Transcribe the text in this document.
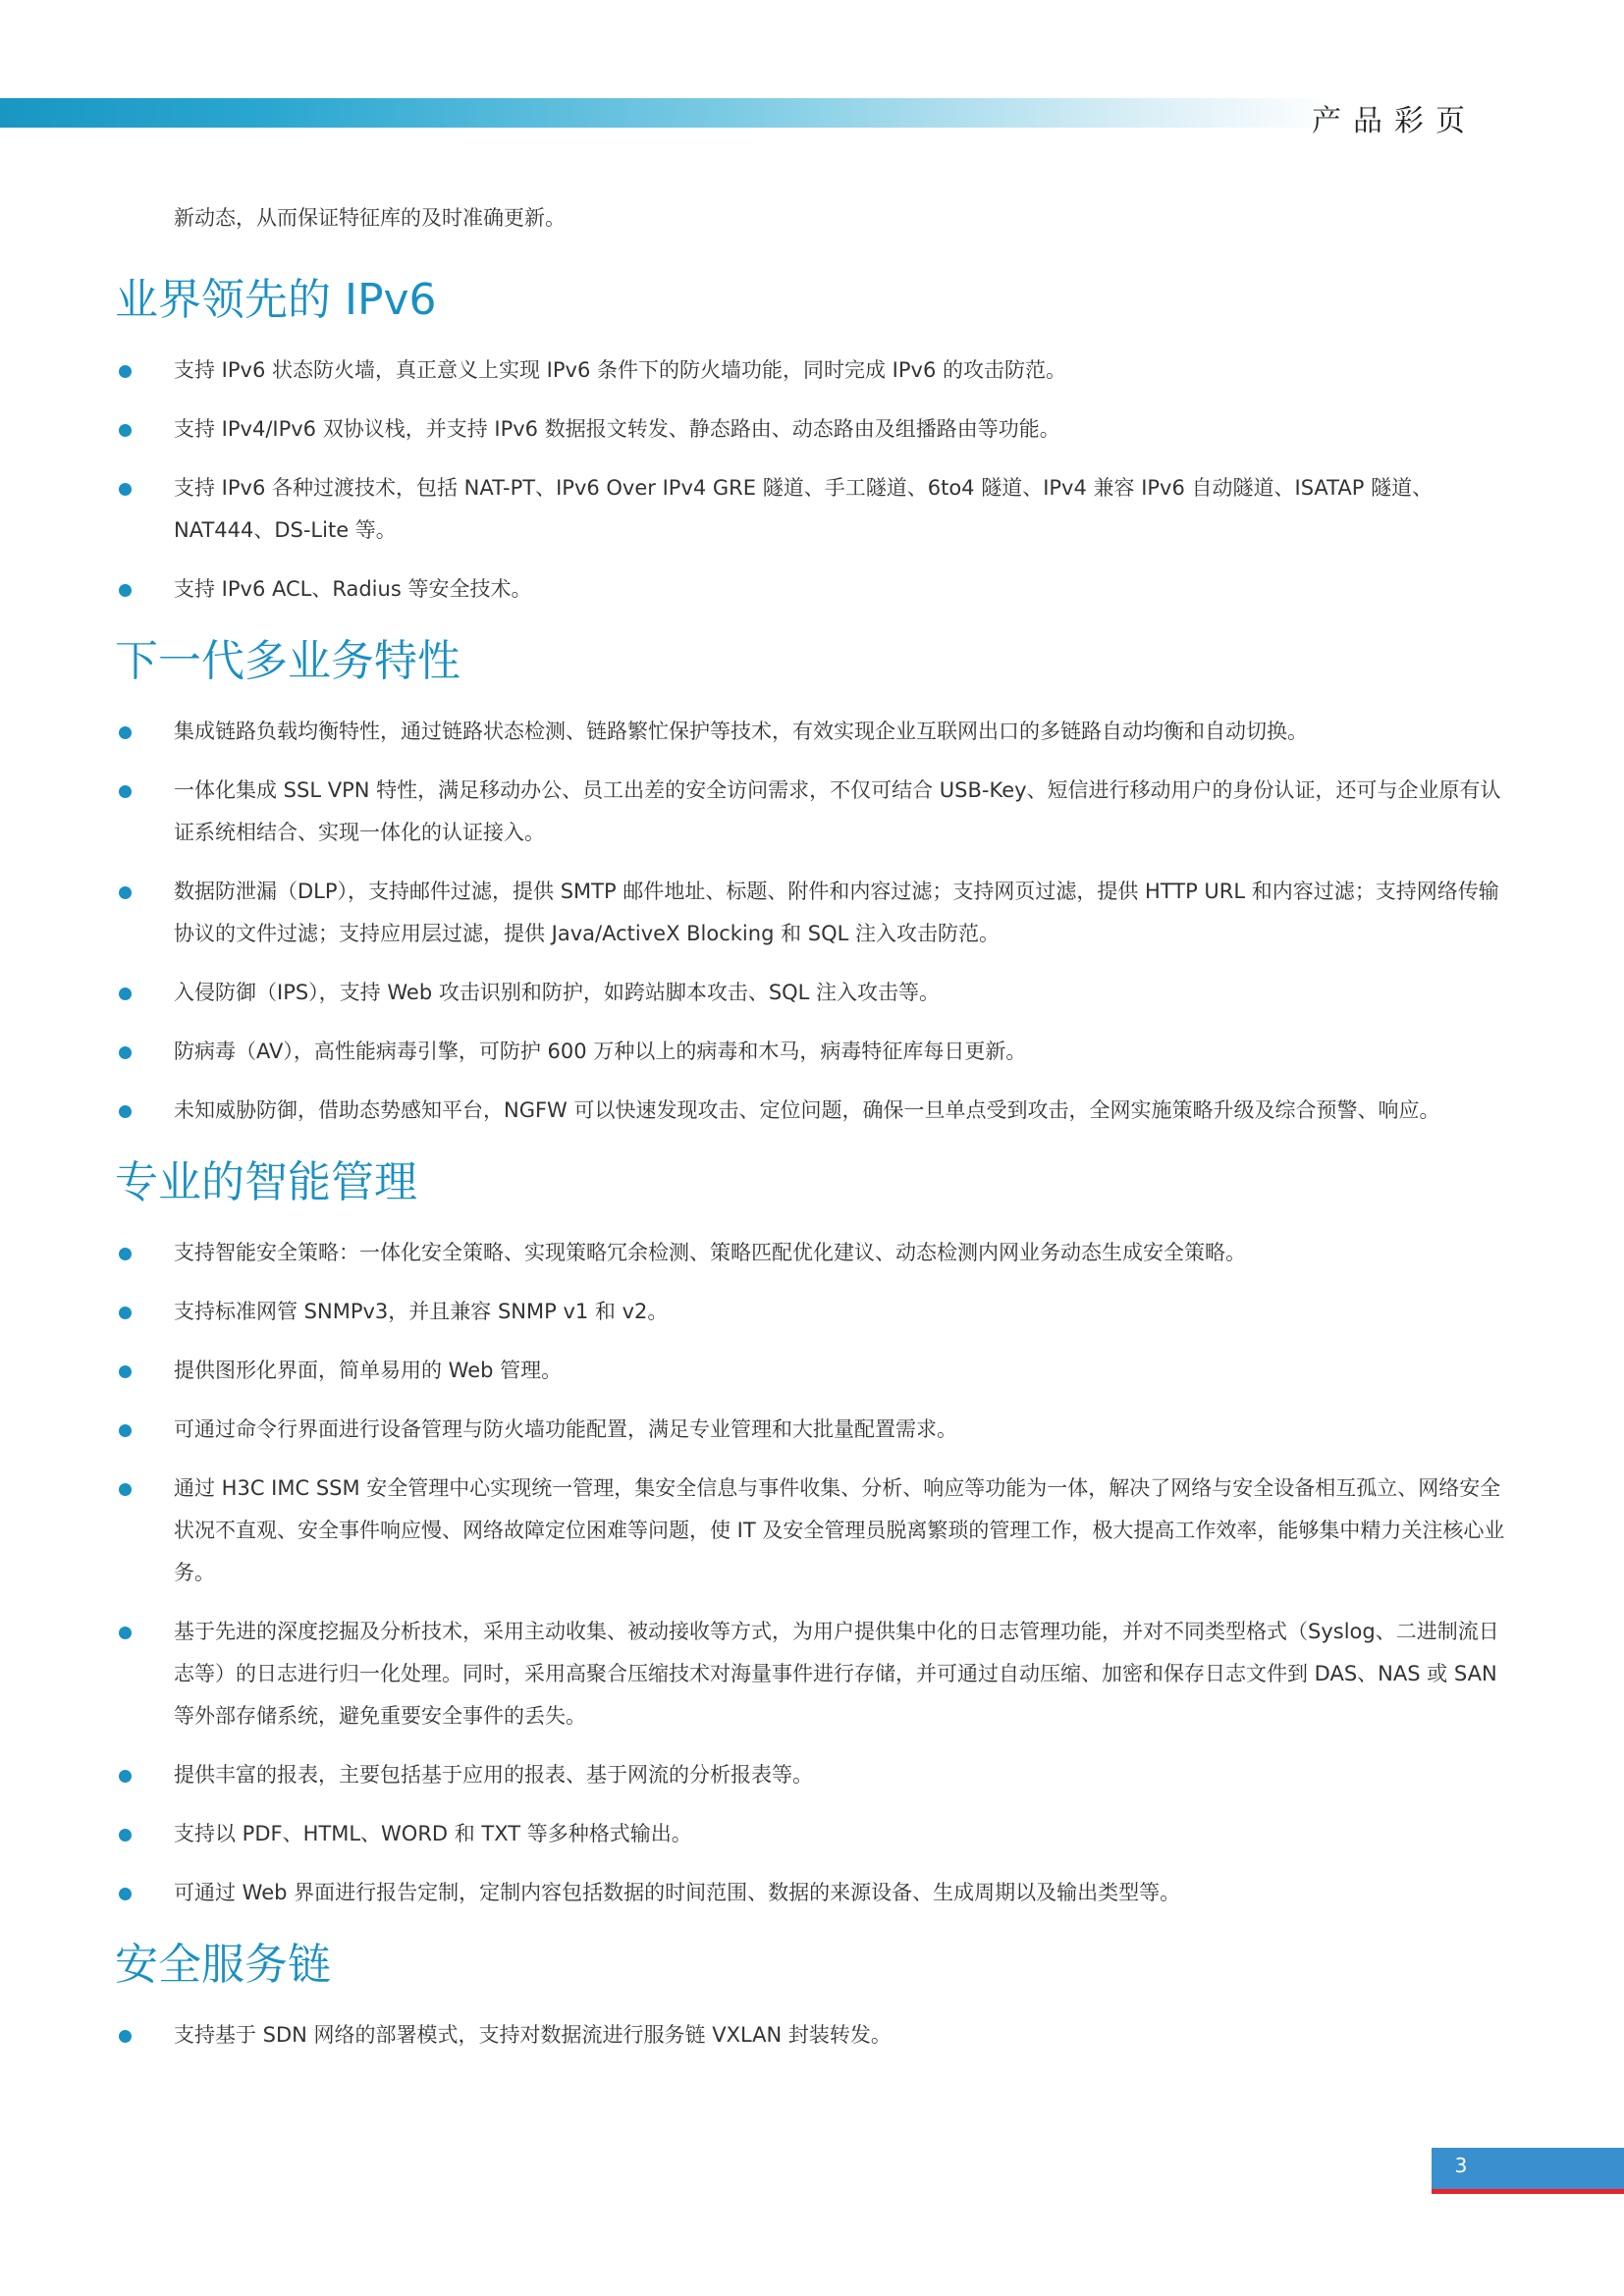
产品彩页

新动态，从而保证特征库的及时准确更新。

业界领先的 IPv6
支持 IPv6 状态防火墙，真正意义上实现 IPv6 条件下的防火墙功能，同时完成 IPv6 的攻击防范。
支持 IPv4/IPv6 双协议栈，并支持 IPv6 数据报文转发、静态路由、动态路由及组播路由等功能。
支持 IPv6 各种过渡技术，包括 NAT-PT、IPv6 Over IPv4 GRE 隧道、手工隧道、6to4 隧道、IPv4 兼容 IPv6 自动隧道、ISATAP 隧道、NAT444、DS-Lite 等。
支持 IPv6 ACL、Radius 等安全技术。
下一代多业务特性
集成链路负载均衡特性，通过链路状态检测、链路繁忙保护等技术，有效实现企业互联网出口的多链路自动均衡和自动切换。
一体化集成 SSL VPN 特性，满足移动办公、员工出差的安全访问需求，不仅可结合 USB-Key、短信进行移动用户的身份认证，还可与企业原有认证系统相结合、实现一体化的认证接入。
数据防泄漏（DLP），支持邮件过滤，提供 SMTP 邮件地址、标题、附件和内容过滤；支持网页过滤，提供 HTTP URL 和内容过滤；支持网络传输协议的文件过滤；支持应用层过滤，提供 Java/ActiveX Blocking 和 SQL 注入攻击防范。
入侵防御（IPS），支持 Web 攻击识别和防护，如跨站脚本攻击、SQL 注入攻击等。
防病毒（AV），高性能病毒引擎，可防护 600 万种以上的病毒和木马，病毒特征库每日更新。
未知威胁防御，借助态势感知平台，NGFW 可以快速发现攻击、定位问题，确保一旦单点受到攻击，全网实施策略升级及综合预警、响应。
专业的智能管理
支持智能安全策略：一体化安全策略、实现策略冗余检测、策略匹配优化建议、动态检测内网业务动态生成安全策略。
支持标准网管 SNMPv3，并且兼容 SNMP v1 和 v2。
提供图形化界面，简单易用的 Web 管理。
可通过命令行界面进行设备管理与防火墙功能配置，满足专业管理和大批量配置需求。
通过 H3C IMC SSM 安全管理中心实现统一管理，集安全信息与事件收集、分析、响应等功能为一体，解决了网络与安全设备相互孤立、网络安全状况不直观、安全事件响应慢、网络故障定位困难等问题，使 IT 及安全管理员脱离繁琐的管理工作，极大提高工作效率，能够集中精力关注核心业务。
基于先进的深度挖掘及分析技术，采用主动收集、被动接收等方式，为用户提供集中化的日志管理功能，并对不同类型格式（Syslog、二进制流日志等）的日志进行归一化处理。同时，采用高聚合压缩技术对海量事件进行存储，并可通过自动压缩、加密和保存日志文件到 DAS、NAS 或 SAN 等外部存储系统，避免重要安全事件的丢失。
提供丰富的报表，主要包括基于应用的报表、基于网流的分析报表等。
支持以 PDF、HTML、WORD 和 TXT 等多种格式输出。
可通过 Web 界面进行报告定制，定制内容包括数据的时间范围、数据的来源设备、生成周期以及输出类型等。
安全服务链
支持基于 SDN 网络的部署模式，支持对数据流进行服务链 VXLAN 封装转发。
3
